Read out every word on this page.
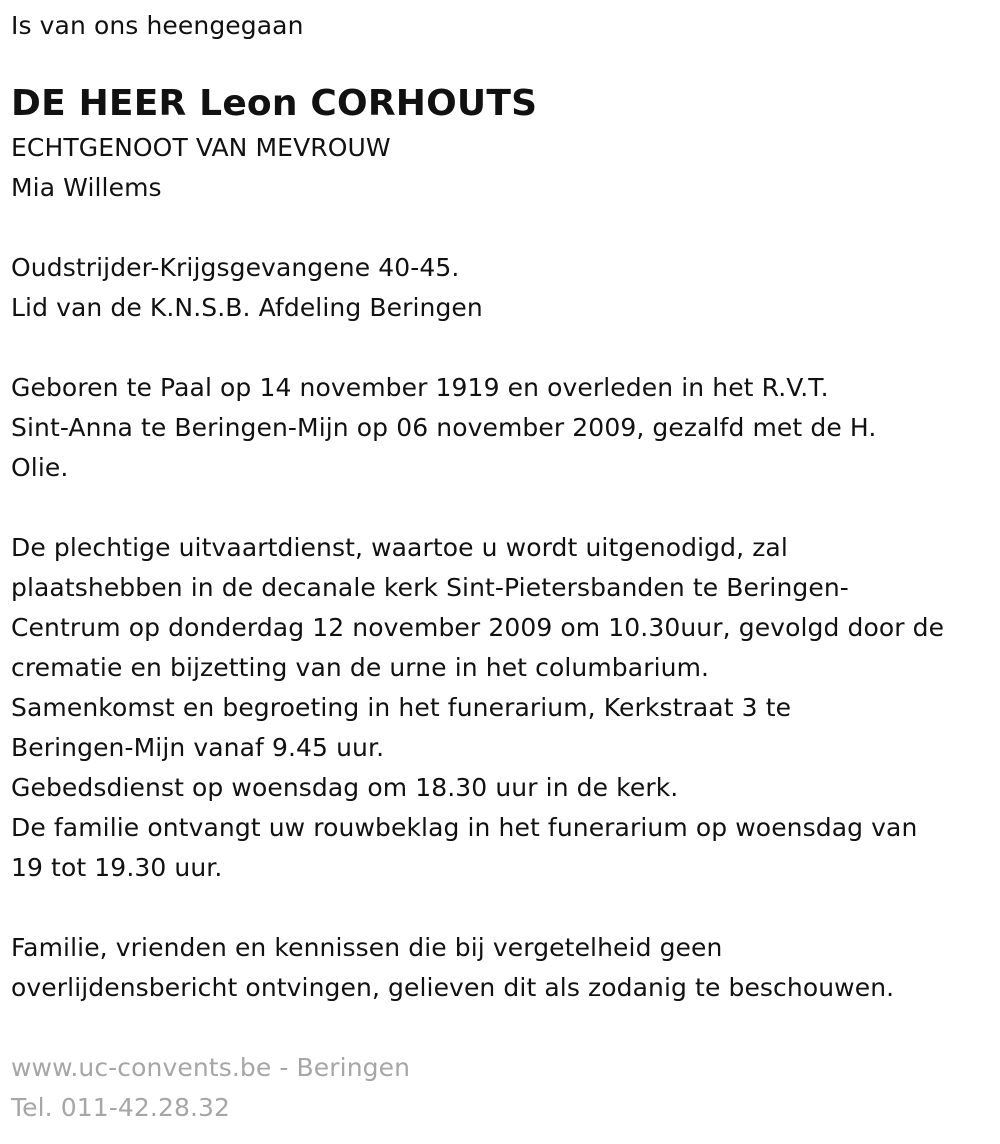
Is van ons heengegaan
DE HEER Leon CORHOUTS
ECHTGENOOT VAN MEVROUW
Mia Willems
Oudstrijder-Krijgsgevangene 40-45.
Lid van de K.N.S.B. Afdeling Beringen
Geboren te Paal op 14 november 1919 en overleden in het R.V.T.
Sint-Anna te Beringen-Mijn op 06 november 2009, gezalfd met de H.
Olie.
De plechtige uitvaartdienst, waartoe u wordt uitgenodigd, zal
plaatshebben in de decanale kerk Sint-Pietersbanden te Beringen-
Centrum op donderdag 12 november 2009 om 10.30uur, gevolgd door de
crematie en bijzetting van de urne in het columbarium.
Samenkomst en begroeting in het funerarium, Kerkstraat 3 te
Beringen-Mijn vanaf 9.45 uur.
Gebedsdienst op woensdag om 18.30 uur in de kerk.
De familie ontvangt uw rouwbeklag in het funerarium op woensdag van
19 tot 19.30 uur.
Familie, vrienden en kennissen die bij vergetelheid geen
overlijdensbericht ontvingen, gelieven dit als zodanig te beschouwen.
www.uc-convents.be - Beringen
Tel. 011-42.28.32
